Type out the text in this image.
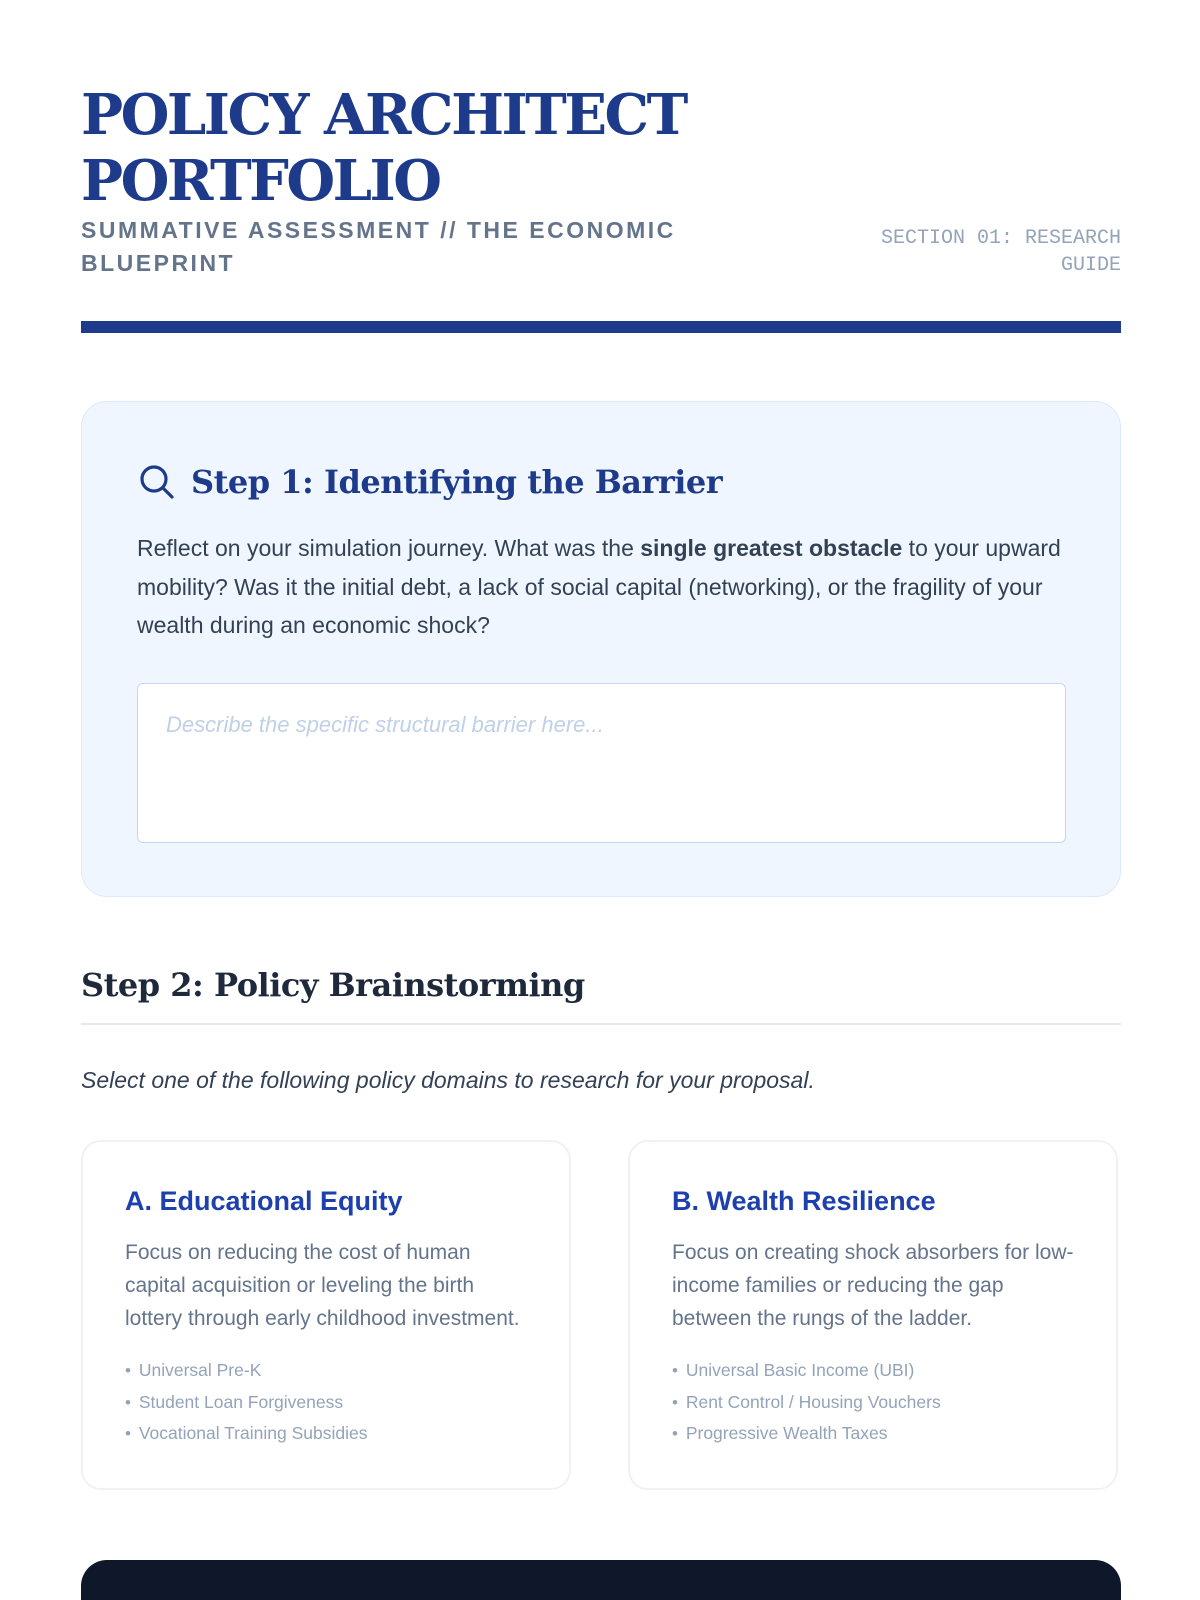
POLICY ARCHITECT PORTFOLIO
SUMMATIVE ASSESSMENT // THE ECONOMIC BLUEPRINT
SECTION 01: RESEARCH GUIDE
Step 1: Identifying the Barrier

Reflect on your simulation journey. What was the single greatest obstacle to your upward mobility? Was it the initial debt, a lack of social capital (networking), or the fragility of your wealth during an economic shock?

Describe the specific structural barrier here...
Step 2: Policy Brainstorming

Select one of the following policy domains to research for your proposal.

A. Educational Equity

Focus on reducing the cost of human capital acquisition or leveling the birth lottery through early childhood investment.

• Universal Pre-K
• Student Loan Forgiveness
• Vocational Training Subsidies
B. Wealth Resilience

Focus on creating shock absorbers for low-income families or reducing the gap between the rungs of the ladder.

• Universal Basic Income (UBI)
• Rent Control / Housing Vouchers
• Progressive Wealth Taxes
